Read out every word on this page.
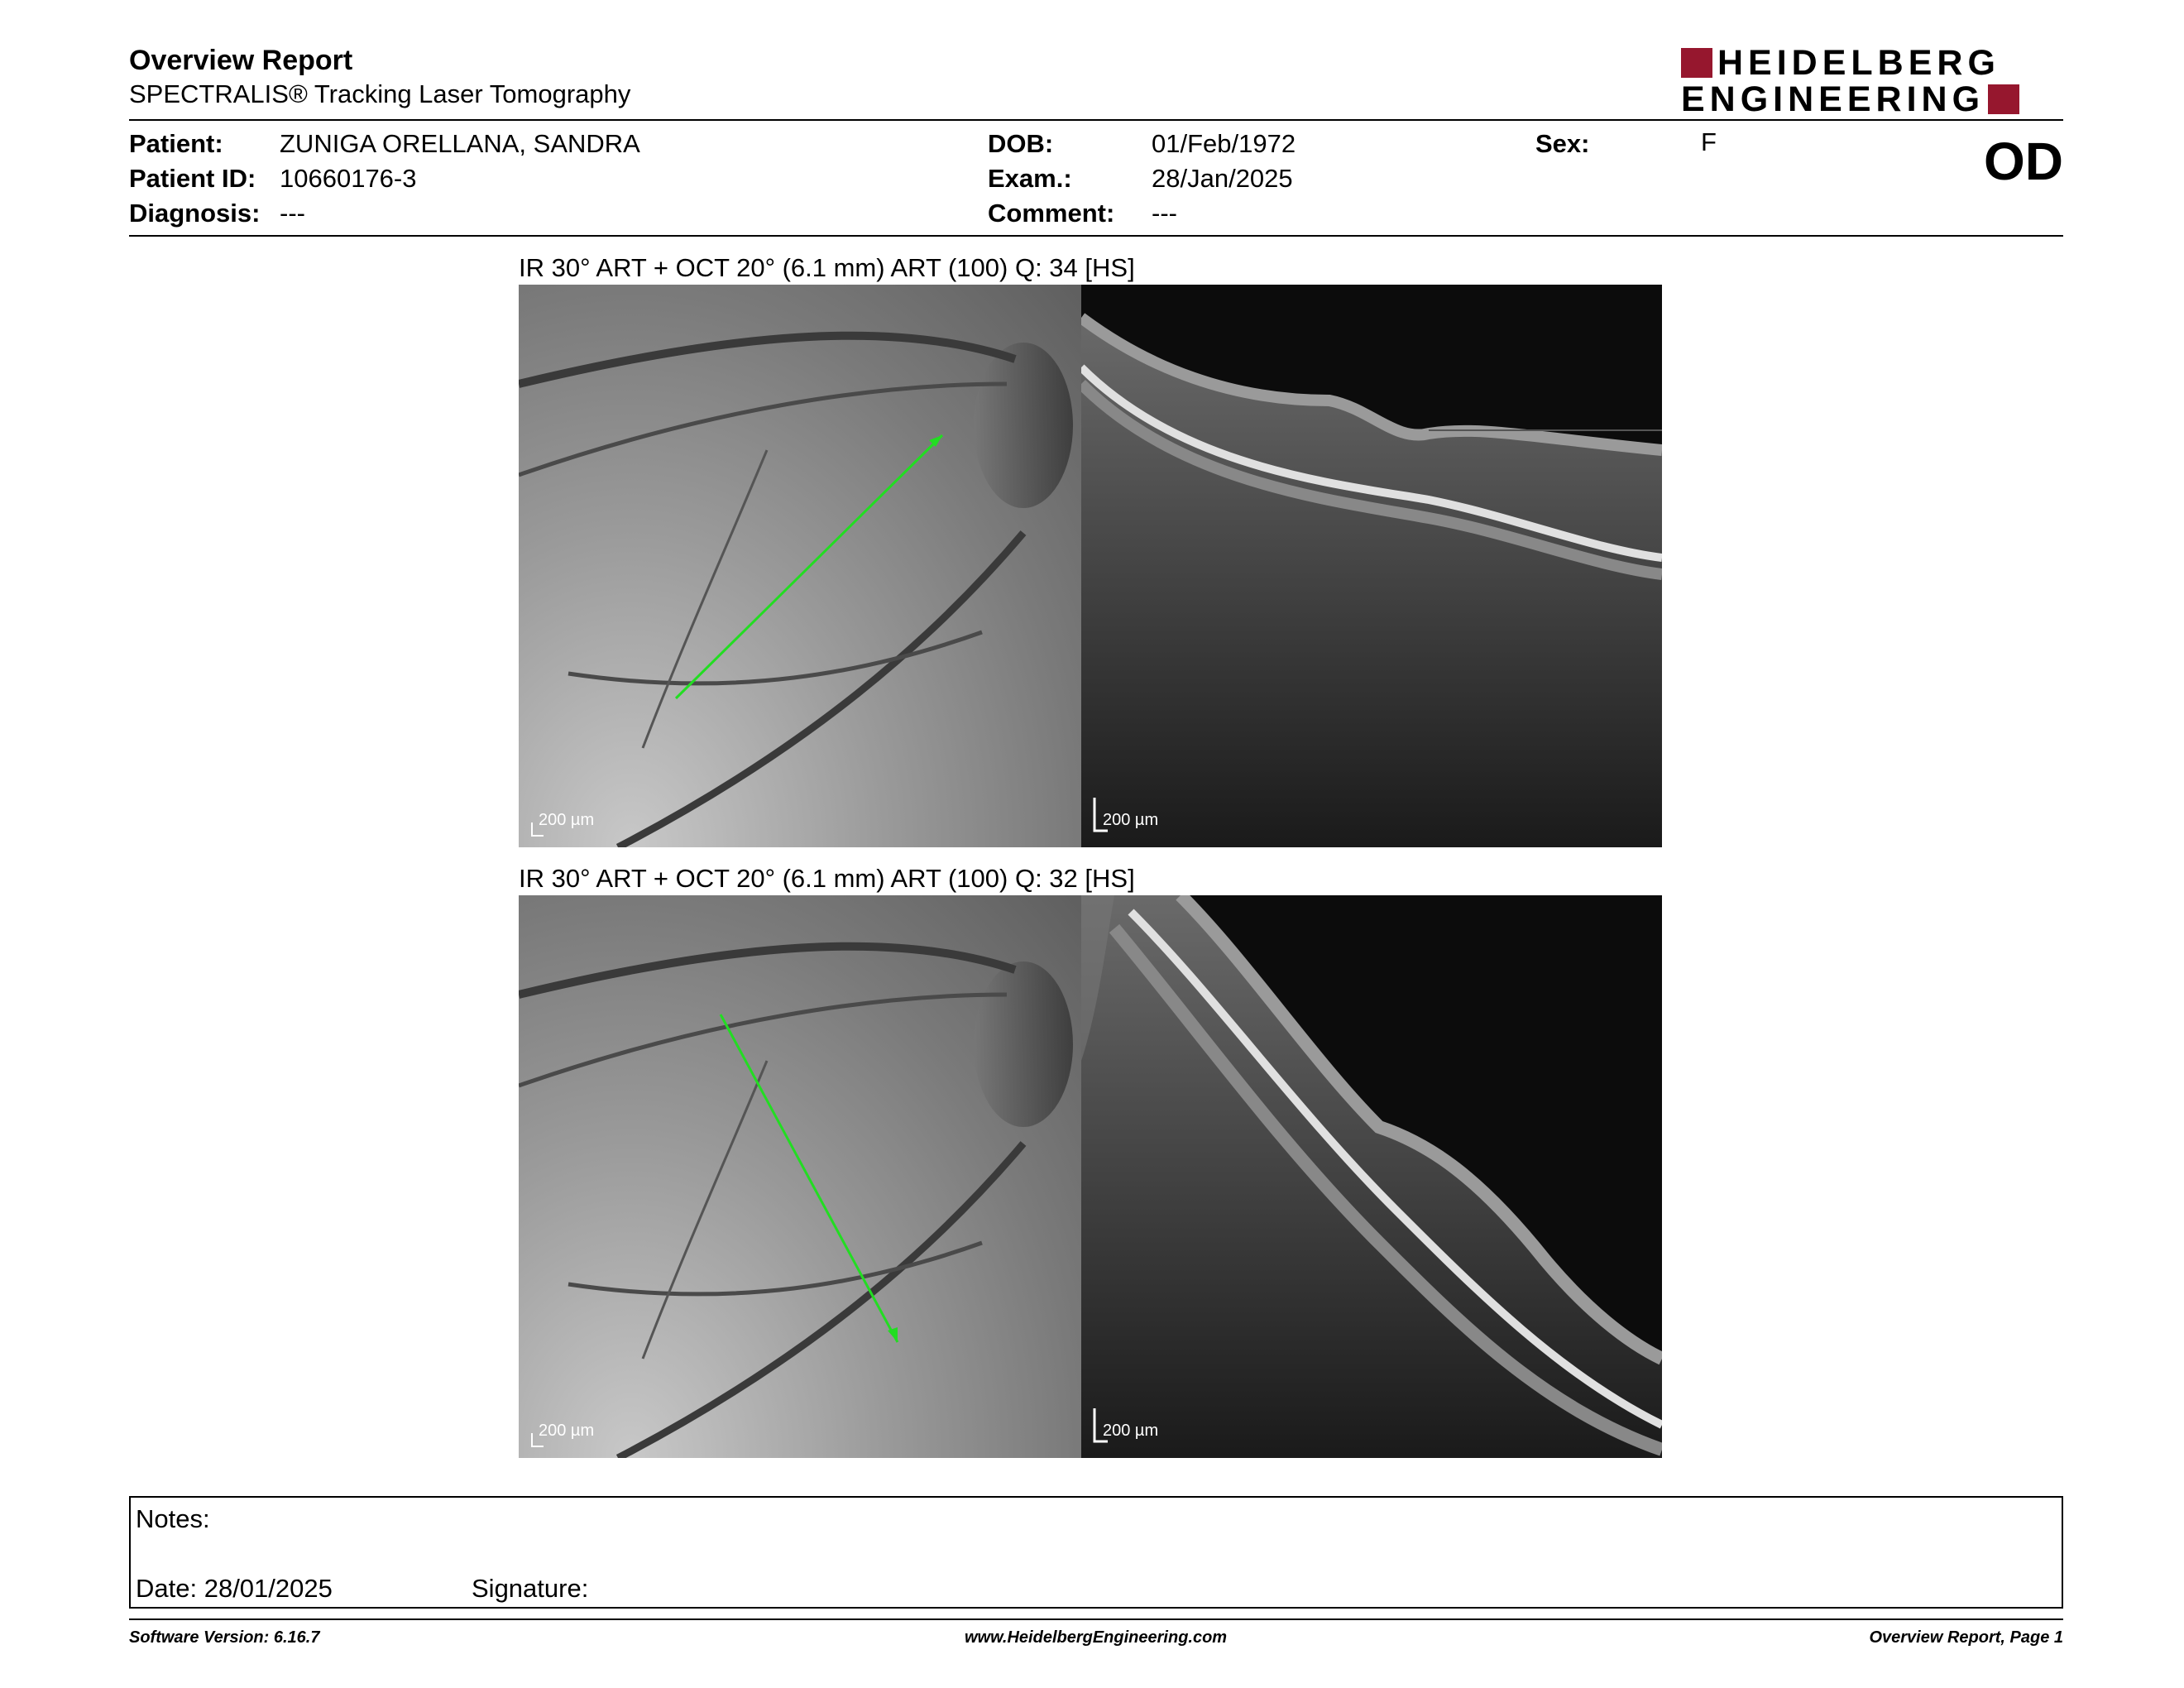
Overview Report
SPECTRALIS® Tracking Laser Tomography
HEIDELBERG
ENGINEERING
Patient: ZUNIGA ORELLANA, SANDRA
Patient ID: 10660176-3
Diagnosis: ---
DOB:	01/Feb/1972
Exam.:	28/Jan/2025
Comment: ---
Sex:	F	OD
IR 30° ART + OCT 20° (6.1 mm) ART (100) Q: 34 [HS]
200 µm	200 µm
IR 30° ART + OCT 20° (6.1 mm) ART (100) Q: 32 [HS]
200 µm	200 µm
Notes:
Date: 28/01/2025	Signature:
Software Version: 6.16.7	www.HeidelbergEngineering.com	Overview Report, Page 1
